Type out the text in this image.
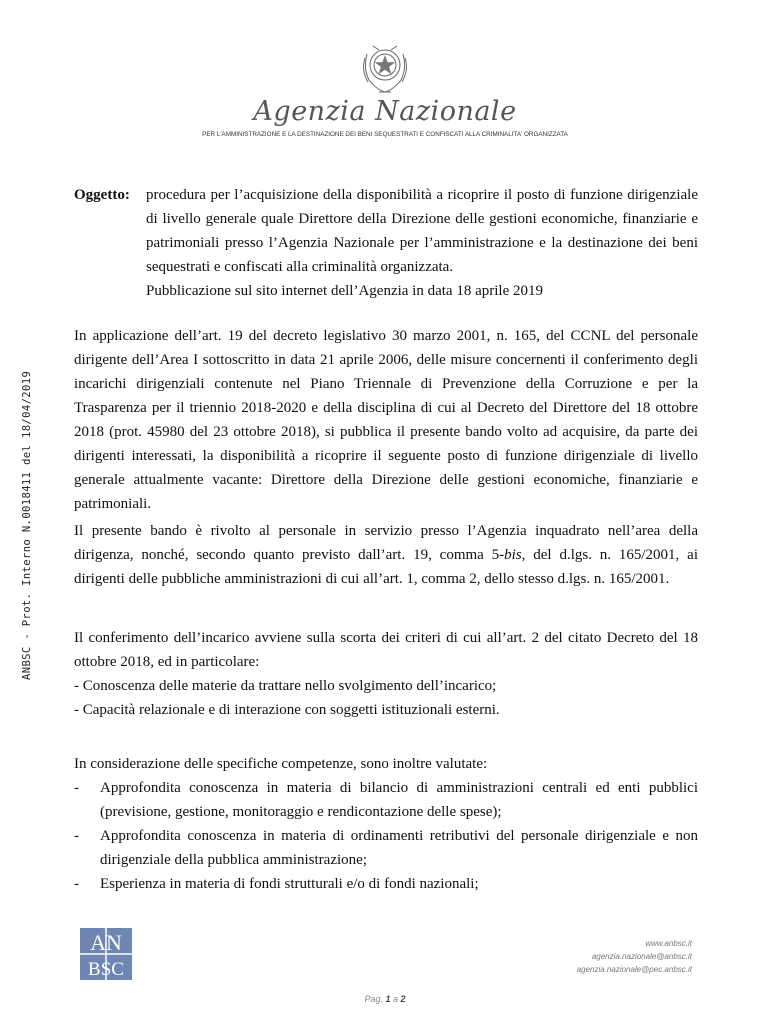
Agenzia Nazionale
PER L'AMMINISTRAZIONE E LA DESTINAZIONE DEI BENI SEQUESTRATI E CONFISCATI ALLA CRIMINALITA' ORGANIZZATA
ANBSC - Prot. Interno N.0018411 del 18/04/2019
Oggetto: procedura per l’acquisizione della disponibilità a ricoprire il posto di funzione dirigenziale di livello generale quale Direttore della Direzione delle gestioni economiche, finanziarie e patrimoniali presso l’Agenzia Nazionale per l’amministrazione e la destinazione dei beni sequestrati e confiscati alla criminalità organizzata.
Pubblicazione sul sito internet dell’Agenzia in data 18 aprile 2019

In applicazione dell’art. 19 del decreto legislativo 30 marzo 2001, n. 165, del CCNL del personale dirigente dell’Area I sottoscritto in data 21 aprile 2006, delle misure concernenti il conferimento degli incarichi dirigenziali contenute nel Piano Triennale di Prevenzione della Corruzione e per la Trasparenza per il triennio 2018-2020 e della disciplina di cui al Decreto del Direttore del 18 ottobre 2018 (prot. 45980 del 23 ottobre 2018), si pubblica il presente bando volto ad acquisire, da parte dei dirigenti interessati, la disponibilità a ricoprire il seguente posto di funzione dirigenziale di livello generale attualmente vacante: Direttore della Direzione delle gestioni economiche, finanziarie e patrimoniali.

Il presente bando è rivolto al personale in servizio presso l’Agenzia inquadrato nell’area della dirigenza, nonché, secondo quanto previsto dall’art. 19, comma 5-bis, del d.lgs. n. 165/2001, ai dirigenti delle pubbliche amministrazioni di cui all’art. 1, comma 2, dello stesso d.lgs. n. 165/2001.

Il conferimento dell’incarico avviene sulla scorta dei criteri di cui all’art. 2 del citato Decreto del 18 ottobre 2018, ed in particolare:
- Conoscenza delle materie da trattare nello svolgimento dell’incarico;
- Capacità relazionale e di interazione con soggetti istituzionali esterni.

In considerazione delle specifiche competenze, sono inoltre valutate:

- Approfondita conoscenza in materia di bilancio di amministrazioni centrali ed enti pubblici (previsione, gestione, monitoraggio e rendicontazione delle spese);
- Approfondita conoscenza in materia di ordinamenti retributivi del personale dirigenziale e non dirigenziale della pubblica amministrazione;
- Esperienza in materia di fondi strutturali e/o di fondi nazionali;
AN
BSC
www.anbsc.it
agenzia.nazionale@anbsc.it
agenzia.nazionale@pec.anbsc.it
Pag. 1 a 2
